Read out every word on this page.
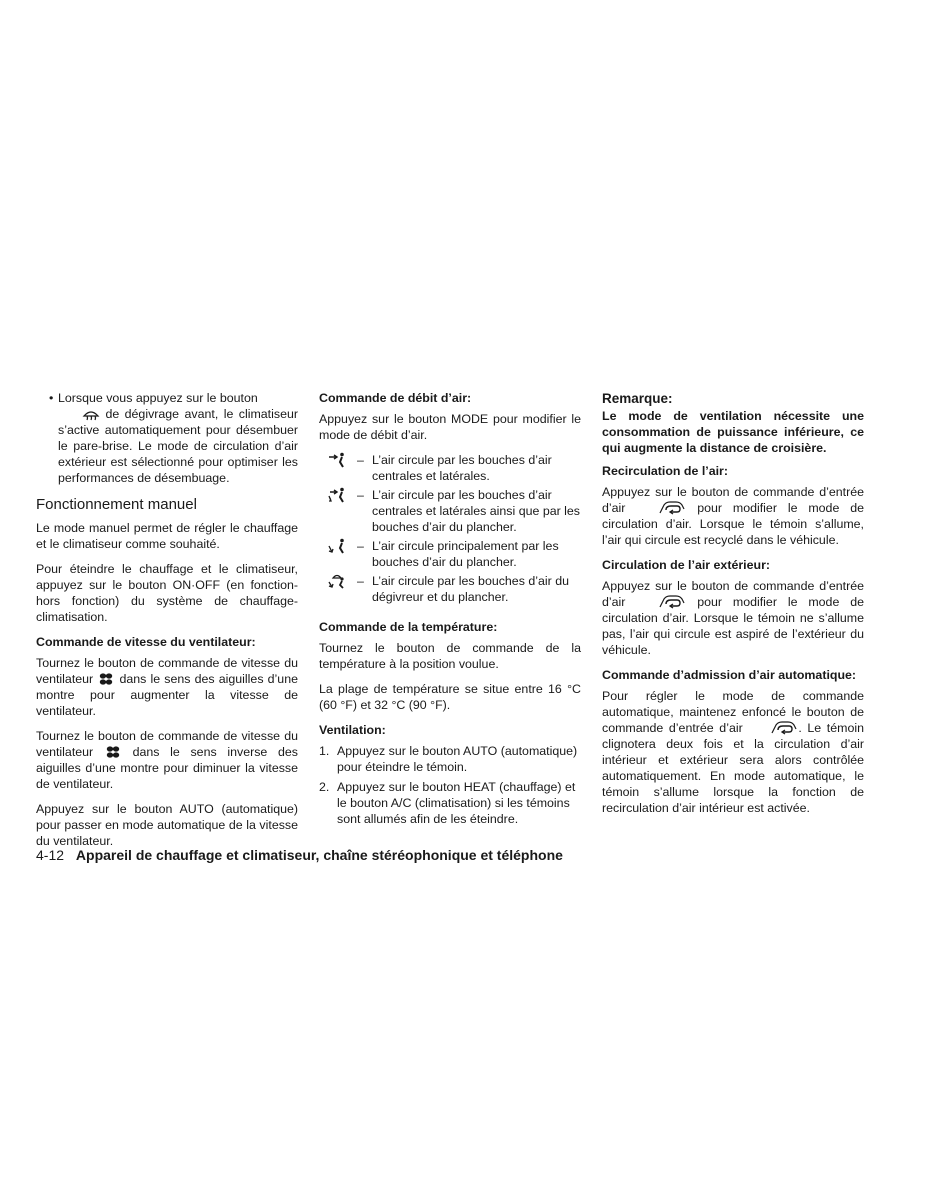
• Lorsque vous appuyez sur le bouton

de dégivrage avant, le climatiseur s’active automatiquement pour désembuer le pare-brise. Le mode de circulation d’air extérieur est sélectionné pour optimiser les performances de désembuage.
Fonctionnement manuel

Le mode manuel permet de régler le chauffage et le climatiseur comme souhaité.

Pour éteindre le chauffage et le climatiseur, appuyez sur le bouton ON·OFF (en fonction-hors fonction) du système de chauffage-climatisation.

Commande de vitesse du ventilateur:

Tournez le bouton de commande de vitesse du ventilateur dans le sens des aiguilles d’une montre pour augmenter la vitesse de ventilateur.

Tournez le bouton de commande de vitesse du ventilateur	dans le sens inverse des aiguilles d’une montre pour diminuer la vitesse de ventilateur.

Appuyez sur le bouton AUTO (automatique) pour passer en mode automatique de la vitesse du ventilateur.

Commande de débit d’air:

Appuyez sur le bouton MODE pour modifier le mode de débit d’air.

– L’air circule par les bouches d’air centrales et latérales.
– L’air circule par les bouches d’air centrales et latérales ainsi que par les bouches d’air du plancher.
– L’air circule principalement par les bouches d’air du plancher.
– L’air circule par les bouches d’air du dégivreur et du plancher.
Commande de la température:

Tournez le bouton de commande de la température à la position voulue.

La plage de température se situe entre 16 °C (60 °F) et 32 °C (90 °F).

Ventilation:
1. Appuyez sur le bouton AUTO (automatique) pour éteindre le témoin.
2. Appuyez sur le bouton HEAT (chauffage) et le bouton A/C (climatisation) si les témoins sont allumés afin de les éteindre.
Remarque:

Le mode de ventilation nécessite une consommation de puissance inférieure, ce qui augmente la distance de croisière.

Recirculation de l’air:

Appuyez sur le bouton de commande d’entrée d’air	pour modifier le mode de circulation d’air. Lorsque le témoin s’allume, l’air qui circule est recyclé dans le véhicule.

Circulation de l’air extérieur:

Appuyez sur le bouton de commande d’entrée d’air	pour modifier le mode de circulation d’air. Lorsque le témoin ne s’allume pas, l’air qui circule est aspiré de l’extérieur du véhicule.

Commande d’admission d’air automatique:

Pour régler le mode de commande automatique, maintenez enfoncé le bouton de commande d’entrée d’air	. Le témoin clignotera deux fois et la circulation d’air intérieur et extérieur sera alors contrôlée automatiquement. En mode automatique, le témoin s’allume lorsque la fonction de recirculation d’air intérieur est activée.

4-12 Appareil de chauffage et climatiseur, chaîne stéréophonique et téléphone
